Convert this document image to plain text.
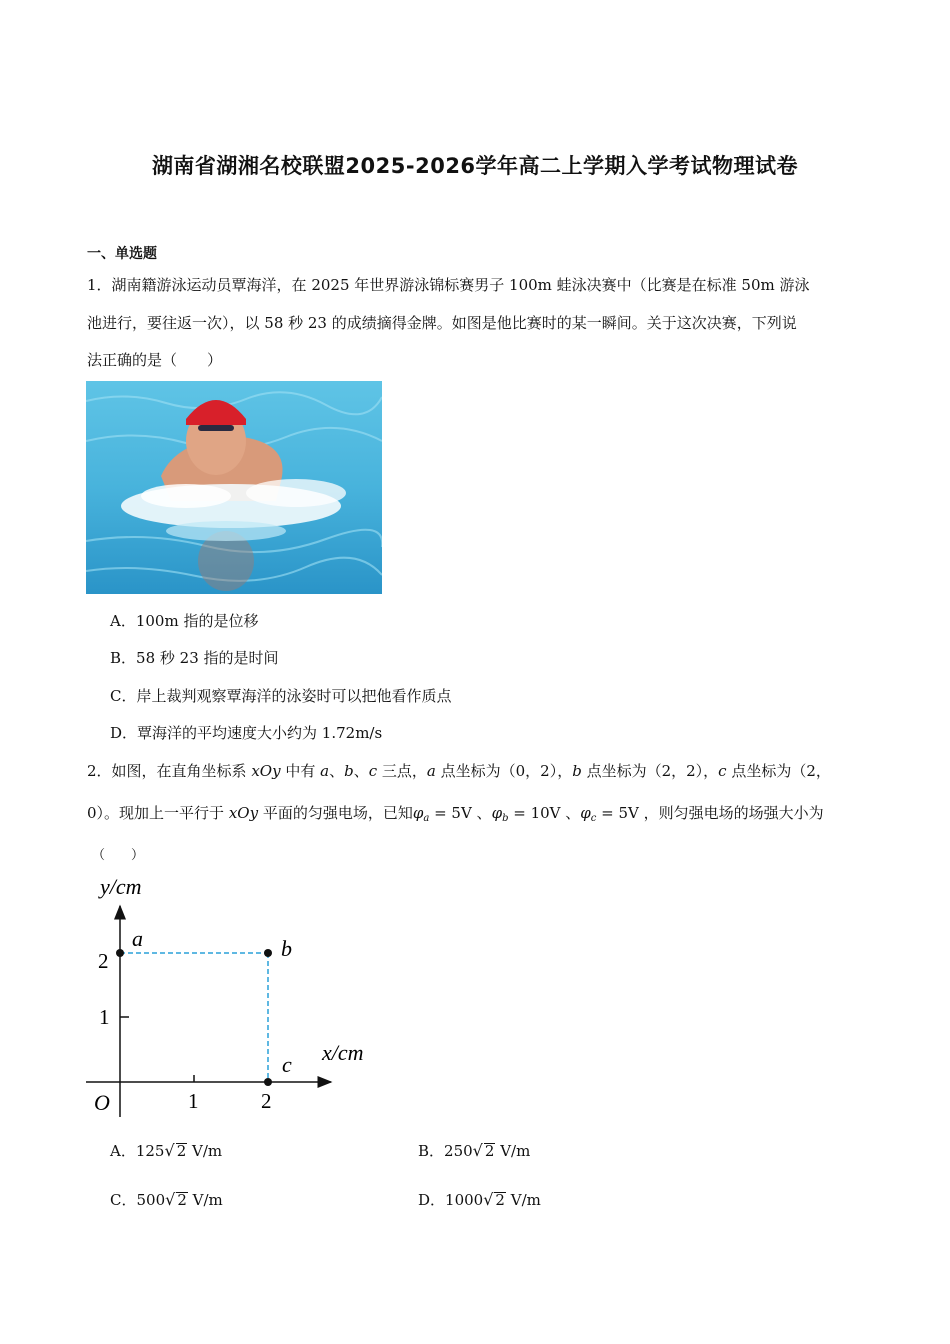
湖南省湖湘名校联盟2025-2026学年高二上学期入学考试物理试卷
一、单选题
1．湖南籍游泳运动员覃海洋，在 2025 年世界游泳锦标赛男子 100m 蛙泳决赛中（比赛是在标准 50m 游泳
池进行，要往返一次），以 58 秒 23 的成绩摘得金牌。如图是他比赛时的某一瞬间。关于这次决赛，下列说
法正确的是（　　）
A．100m 指的是位移
B．58 秒 23 指的是时间
C．岸上裁判观察覃海洋的泳姿时可以把他看作质点
D．覃海洋的平均速度大小约为 1.72m/s
2．如图，在直角坐标系 xOy 中有 a、b、c 三点，a 点坐标为（0，2），b 点坐标为（2，2），c 点坐标为（2，
0）。现加上一平行于 xOy 平面的匀强电场，已知$\varphi_a = 5V$ 、$\varphi_b = 10V$ 、$\varphi_c = 5V$ ，则匀强电场的场强大小为
（　　）
y/cm
x/cm
O	1	2
1
2
a	b
c
A．125√ 2 V/m	B．250√ 2 V/m
C．500√ 2 V/m	D．1000√ 2 V/m
